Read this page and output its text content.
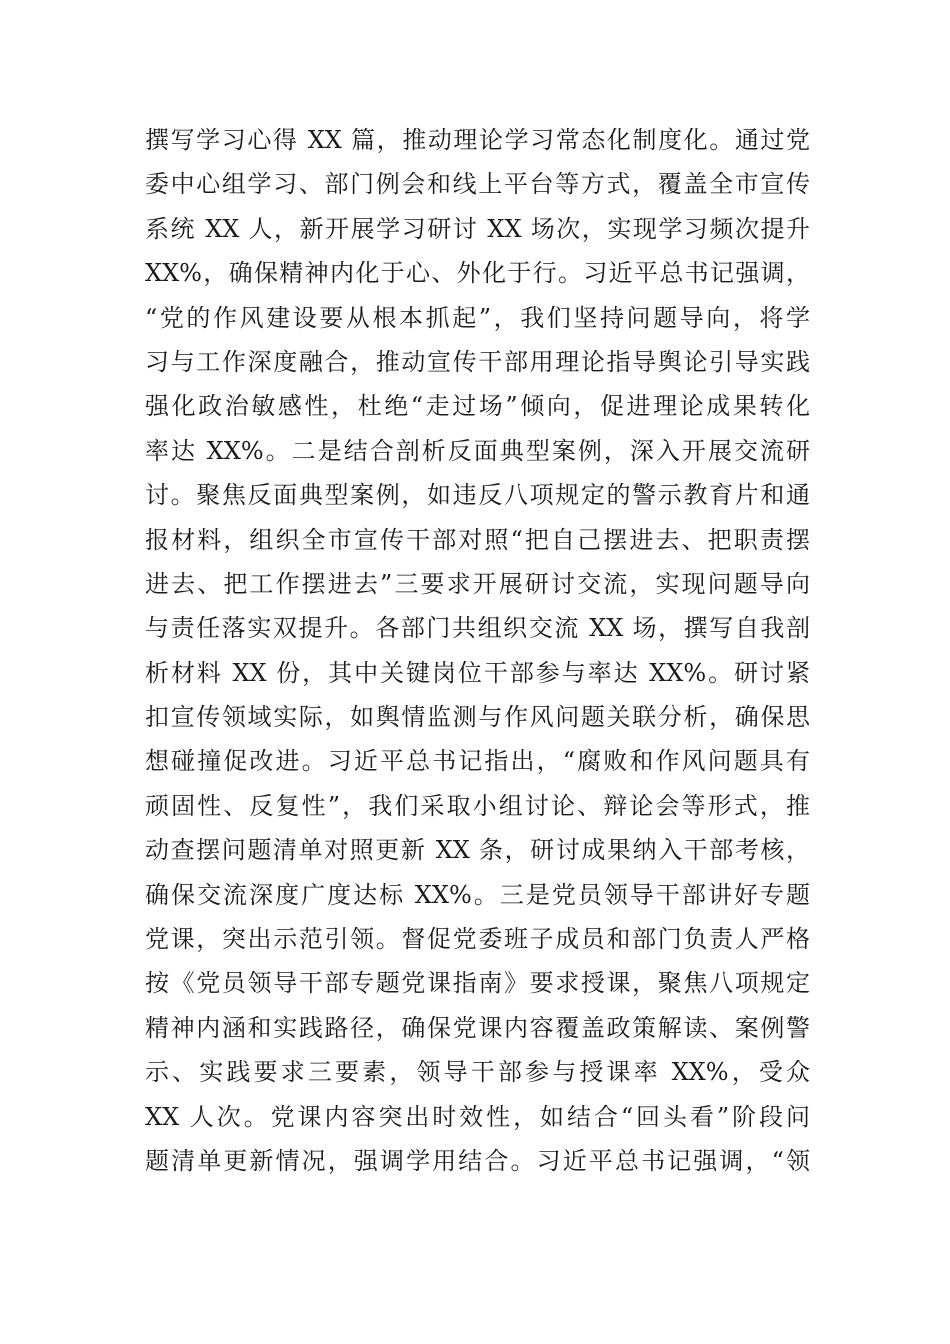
撰写学习心得 XX 篇，推动理论学习常态化制度化。通过党
委中心组学习、部门例会和线上平台等方式，覆盖全市宣传
系统 XX 人，新开展学习研讨 XX 场次，实现学习频次提升
XX%，确保精神内化于心、外化于行。习近平总书记强调，
“党的作风建设要从根本抓起”，我们坚持问题导向，将学
习与工作深度融合，推动宣传干部用理论指导舆论引导实践
强化政治敏感性，杜绝“走过场”倾向，促进理论成果转化
率达 XX%。二是结合剖析反面典型案例，深入开展交流研
讨。聚焦反面典型案例，如违反八项规定的警示教育片和通
报材料，组织全市宣传干部对照“把自己摆进去、把职责摆
进去、把工作摆进去”三要求开展研讨交流，实现问题导向
与责任落实双提升。各部门共组织交流 XX 场，撰写自我剖
析材料 XX 份，其中关键岗位干部参与率达 XX%。研讨紧
扣宣传领域实际，如舆情监测与作风问题关联分析，确保思
想碰撞促改进。习近平总书记指出，“腐败和作风问题具有
顽固性、反复性”，我们采取小组讨论、辩论会等形式，推
动查摆问题清单对照更新 XX 条，研讨成果纳入干部考核，
确保交流深度广度达标 XX%。三是党员领导干部讲好专题
党课，突出示范引领。督促党委班子成员和部门负责人严格
按《党员领导干部专题党课指南》要求授课，聚焦八项规定
精神内涵和实践路径，确保党课内容覆盖政策解读、案例警
示、实践要求三要素，领导干部参与授课率 XX%，受众
XX 人次。党课内容突出时效性，如结合“回头看”阶段问
题清单更新情况，强调学用结合。习近平总书记强调，“领
